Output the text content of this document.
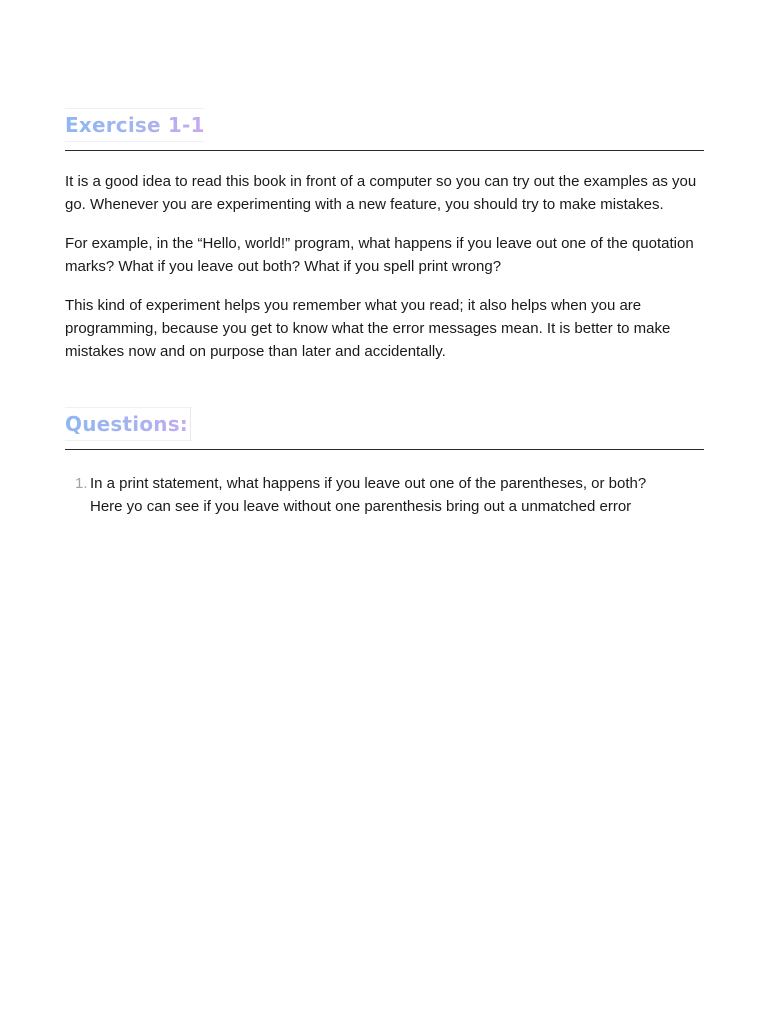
Exercise 1-1

It is a good idea to read this book in front of a computer so you can try out the examples as you go. Whenever you are experimenting with a new feature, you should try to make mistakes.

For example, in the “Hello, world!” program, what happens if you leave out one of the quotation marks? What if you leave out both? What if you spell print wrong?

This kind of experiment helps you remember what you read; it also helps when you are programming, because you get to know what the error messages mean. It is better to make mistakes now and on purpose than later and accidentally.

Questions:
1. In a print statement, what happens if you leave out one of the parentheses, or both?
Here yo can see if you leave without one parenthesis bring out a unmatched error
